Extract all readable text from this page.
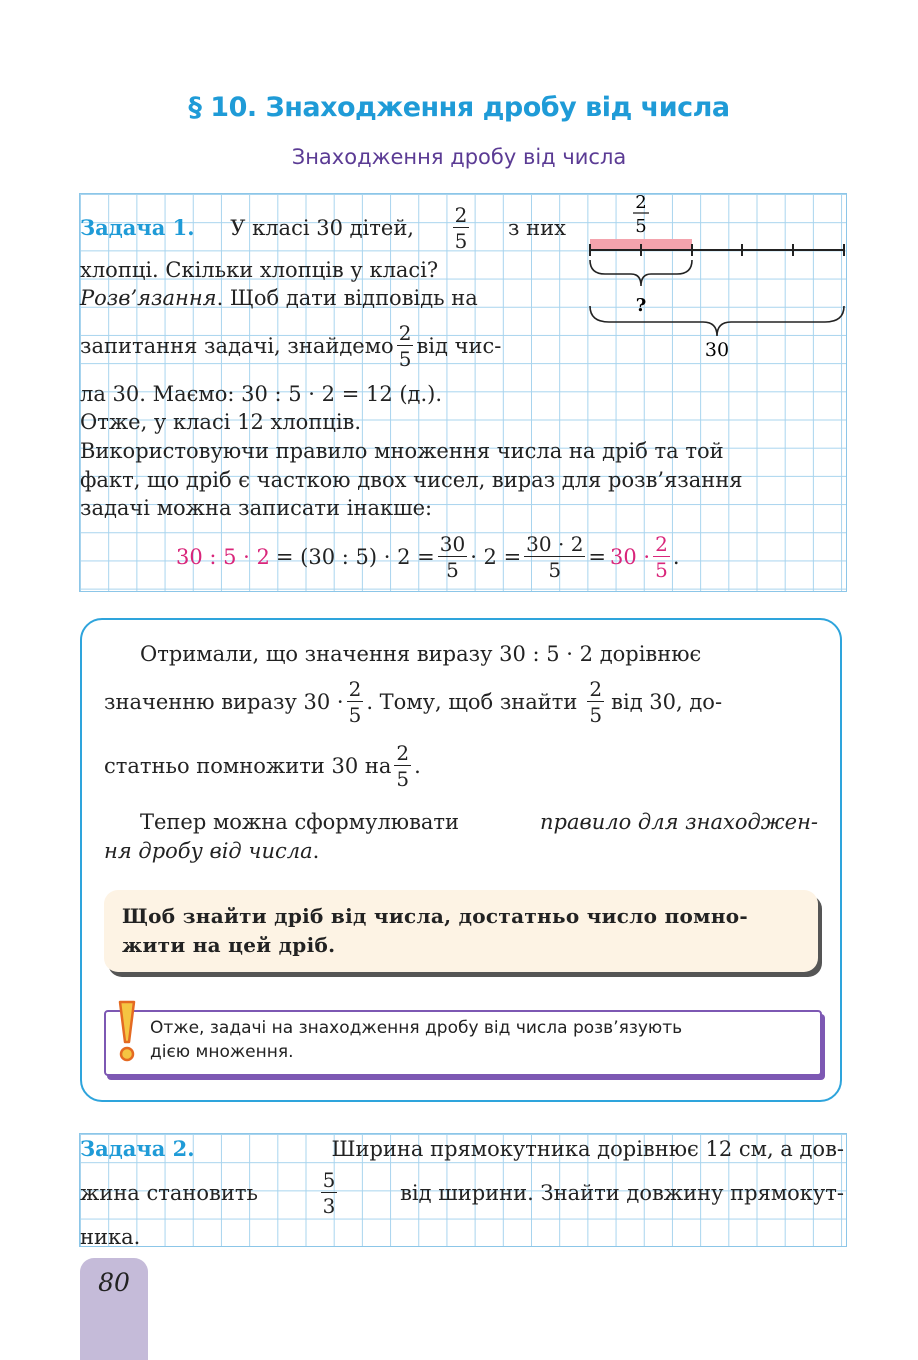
§ 10. Знаходження дробу від числа
Знаходження дробу від числа
Задача 1. У класі 30 дітей, $\frac{2}{5}$ з них
хлопці. Скільки хлопців у класі?
Розв’язання. Щоб дати відповідь на
запитання задачі, знайдемо $\frac{2}{5}$ від чис-
ла 30. Маємо: 30 : 5 · 2 = 12 (д.).
Отже, у класі 12 хлопців.
Використовуючи правило множення числа на дріб та той
факт, що дріб є часткою двох чисел, вираз для розв’язання
задачі можна записати інакше:
30 : 5 · 2 = (30 : $5) \cdot 2 = \frac{30}{5} \cdot 2 = \frac{30 \cdot 2}{5} = 30 \cdot \frac{2}{5}$ .
2
5
?
30
Отримали, що значення виразу 30 : 5 · 2 дорівнює
значенню виразу $30 \cdot \frac{2}{5}$ . Тому, щоб знайти $\frac{2}{5}$ від 30, до-
статньо помножити 30 на $\frac{2}{5}$ .
Тепер можна сформулювати	правило для знаходжен-
ня дробу від числа.
Щоб знайти дріб від числа, достатньо число помно-
жити на цей дріб.
Отже, задачі на знаходження дробу від числа розв’язують
дією множення.
Задача 2.	Ширина прямокутника дорівнює 12 см, а дов-
жина становить	$\frac{5}{3}$	від ширини. Знайти довжину прямокут-
ника.
80
